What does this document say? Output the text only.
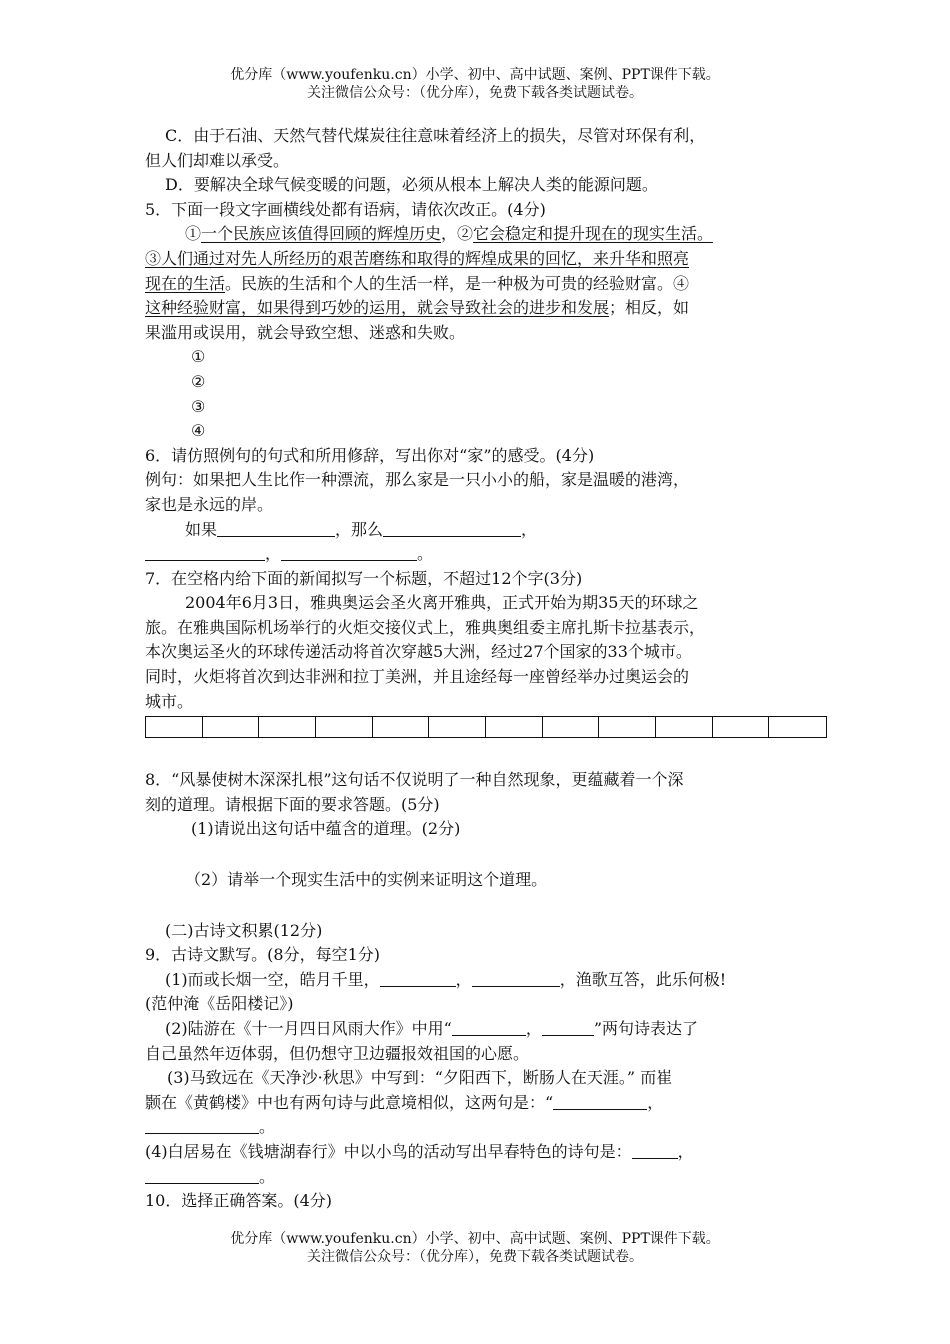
优分库（www.youfenku.cn）小学、初中、高中试题、案例、PPT课件下载。
关注微信公众号：（优分库），免费下载各类试题试卷。
C．由于石油、天然气替代煤炭往往意味着经济上的损失，尽管对环保有利，
但人们却难以承受。
D．要解决全球气候变暖的问题，必须从根本上解决人类的能源问题。
5．下面一段文字画横线处都有语病，请依次改正。(4分)
①一个民族应该值得回顾的辉煌历史，②它会稳定和提升现在的现实生活。
③人们通过对先人所经历的艰苦磨练和取得的辉煌成果的回忆，来升华和照亮
现在的生活。民族的生活和个人的生活一样，是一种极为可贵的经验财富。④
这种经验财富，如果得到巧妙的运用，就会导致社会的进步和发展；相反，如
果滥用或误用，就会导致空想、迷惑和失败。
①
②
③
④
6．请仿照例句的句式和所用修辞，写出你对“家”的感受。(4分)
例句：如果把人生比作一种漂流，那么家是一只小小的船，家是温暖的港湾，
家也是永远的岸。
如果	，那么	，
，	。
7．在空格内给下面的新闻拟写一个标题，不超过12个字(3分)
2004年6月3日，雅典奥运会圣火离开雅典，正式开始为期35天的环球之
旅。在雅典国际机场举行的火炬交接仪式上，雅典奥组委主席扎斯卡拉基表示，
本次奥运圣火的环球传递活动将首次穿越5大洲，经过27个国家的33个城市。
同时，火炬将首次到达非洲和拉丁美洲，并且途经每一座曾经举办过奥运会的
城市。
8．“风暴使树木深深扎根”这句话不仅说明了一种自然现象，更蕴藏着一个深
刻的道理。请根据下面的要求答题。(5分)
(1)请说出这句话中蕴含的道理。(2分)
（2）请举一个现实生活中的实例来证明这个道理。
(二)古诗文积累(12分)
9．古诗文默写。(8分，每空1分)
(1)而或长烟一空，皓月千里，	，	，渔歌互答，此乐何极!
(范仲淹《岳阳楼记》)
(2)陆游在《十一月四日风雨大作》中用“	，	”两句诗表达了
自己虽然年迈体弱，但仍想守卫边疆报效祖国的心愿。
(3)马致远在《天净沙·秋思》中写到：“夕阳西下，断肠人在天涯。” 而崔
颢在《黄鹤楼》中也有两句诗与此意境相似，这两句是：“	，
。
(4)白居易在《钱塘湖春行》中以小鸟的活动写出早春特色的诗句是：	，
。
10．选择正确答案。(4分)
优分库（www.youfenku.cn）小学、初中、高中试题、案例、PPT课件下载。
关注微信公众号：（优分库），免费下载各类试题试卷。
